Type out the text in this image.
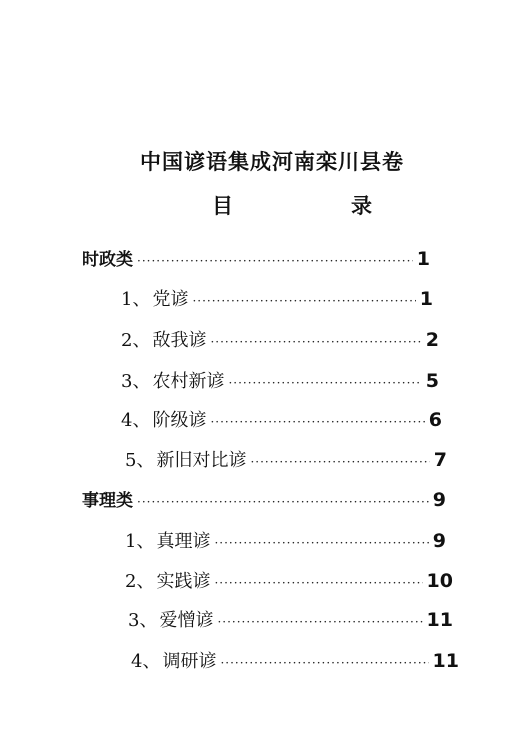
中国谚语集成河南栾川县卷
目	录
时政类 ·····	1
1、 党谚 ·····	1
2、 敌我谚 ·····	2
3、 农村新谚 ·····	5
4、 阶级谚 ·····	6
5、 新旧对比谚 ·····	7
事理类 ·····	9
1、 真理谚 ·····	9
2、 实践谚 ·····	10
3、 爱憎谚 ·····	11
4、 调研谚 ·····	11
